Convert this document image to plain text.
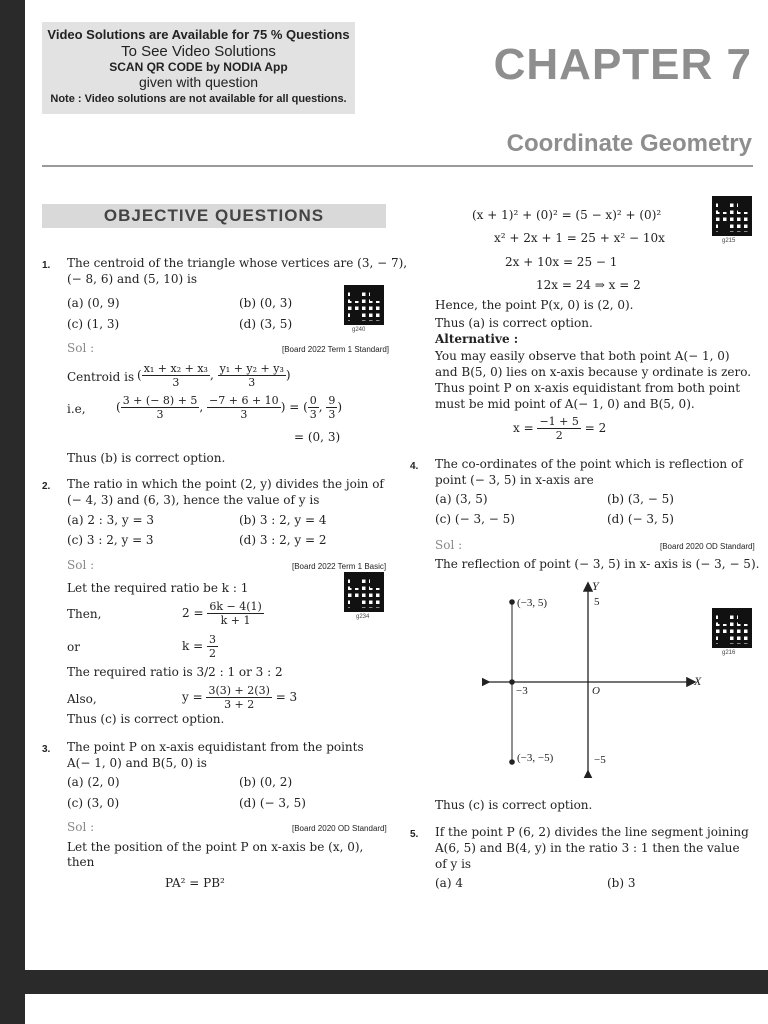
Video Solutions are Available for 75 % Questions
To See Video Solutions
SCAN QR CODE by NODIA App
given with question
Note : Video solutions are not available for all questions.
CHAPTER 7
Coordinate Geometry
OBJECTIVE QUESTIONS
1. The centroid of the triangle whose vertices are (3, − 7),
(− 8, 6) and (5, 10) is
(a) (0, 9)	(b) (0, 3)
(c) (1, 3)	(d) (3, 5)	g240
Sol :	[Board 2022 Term 1 Standard]
Centroid is ( $\frac{\text{x₁ + x₂ + x₃}}{3}$ , $\frac{\text{y₁ + y₂ + y₃}}{3}$ )
i.e,	( $\frac{3 + (- 8) + 5}{3}$ , $\frac{-7 + 6 + 10}{3}$ ) = ( $\frac{0}{3}$ , $\frac{9}{3}$ )
= (0, 3)
Thus (b) is correct option.
2. The ratio in which the point (2, y) divides the join of
(− 4, 3) and (6, 3), hence the value of y is
(a) 2 : 3, y = 3	(b) 3 : 2, y = 4
(c) 3 : 2, y = 3	(d) 3 : 2, y = 2
Sol :	[Board 2022 Term 1 Basic]
g234
Let the required ratio be k : 1
Then,	$2 = \frac{6k - 4(1)}{k + 1}$
or	$k = \frac{3}{2}$
The required ratio is 3/2 : 1 or 3 : 2
Also,	$y = \frac{3(3) + 2(3)}{3 + 2} = 3$
Thus (c) is correct option.
3. The point P on x-axis equidistant from the points
A(− 1, 0) and B(5, 0) is
(a) (2, 0)	(b) (0, 2)
(c) (3, 0)	(d) (− 3, 5)
Sol :	[Board 2020 OD Standard]
Let the position of the point P on x-axis be (x, 0),
then
PA² = PB²
g215
(x + 1)² + (0)² = (5 − x)² + (0)²
x² + 2x + 1 = 25 + x² − 10x
2x + 10x = 25 − 1
12x = 24 ⇒ x = 2
Hence, the point P(x, 0) is (2, 0).
Thus (a) is correct option.
Alternative :
You may easily observe that both point A(− 1, 0)
and B(5, 0) lies on x-axis because y ordinate is zero.
Thus point P on x-axis equidistant from both point
must be mid point of A(− 1, 0) and B(5, 0).
$x = \frac{-1 + 5}{2} = 2$
4. The co-ordinates of the point which is reflection of
point (− 3, 5) in x-axis are
(a) (3, 5)	(b) (3, − 5)
(c) (− 3, − 5)	(d) (− 3, 5)
Sol :	[Board 2020 OD Standard]
The reflection of point (− 3, 5) in x- axis is (− 3, − 5).
g216
(−3, 5)
(−3, −5)
5
−5
−3	O
X
Y
Thus (c) is correct option.
5. If the point P (6, 2) divides the line segment joining
A(6, 5) and B(4, y) in the ratio 3 : 1 then the value
of y is
(a) 4	(b) 3
